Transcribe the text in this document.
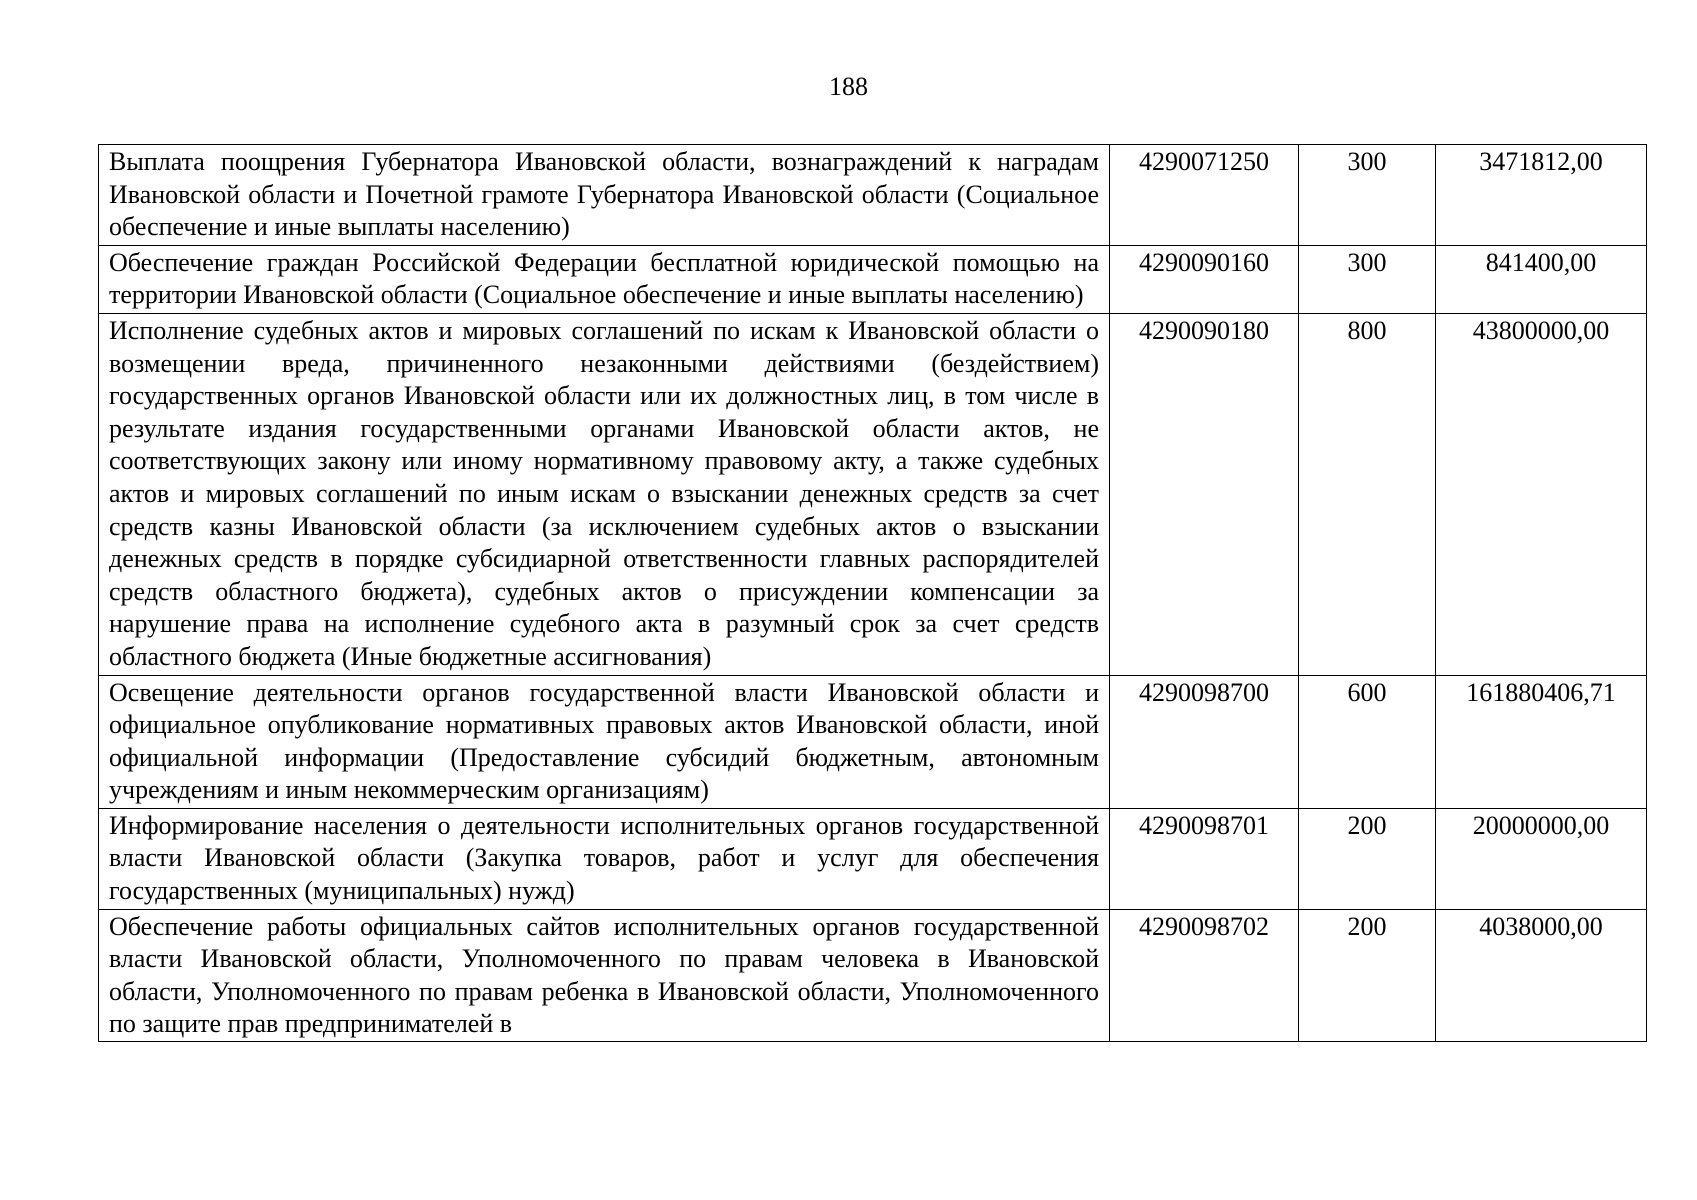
188
Выплата поощрения Губернатора Ивановской области, вознаграждений к наградам Ивановской области и Почетной грамоте Губернатора Ивановской области (Социальное обеспечение и иные выплаты населению)	4290071250	300	3471812,00
Обеспечение граждан Российской Федерации бесплатной юридической помощью на территории Ивановской области (Социальное обеспечение и иные выплаты населению)	4290090160	300	841400,00
Исполнение судебных актов и мировых соглашений по искам к Ивановской области о возмещении вреда, причиненного незаконными действиями (бездействием) государственных органов Ивановской области или их должностных лиц, в том числе в результате издания государственными органами Ивановской области актов, не соответствующих закону или иному нормативному правовому акту, а также судебных актов и мировых соглашений по иным искам о взыскании денежных средств за счет средств казны Ивановской области (за исключением судебных актов о взыскании денежных средств в порядке субсидиарной ответственности главных распорядителей средств областного бюджета), судебных актов о присуждении компенсации за нарушение права на исполнение судебного акта в разумный срок за счет средств областного бюджета (Иные бюджетные ассигнования)	4290090180	800	43800000,00
Освещение деятельности органов государственной власти Ивановской области и официальное опубликование нормативных правовых актов Ивановской области, иной официальной информации (Предоставление субсидий бюджетным, автономным учреждениям и иным некоммерческим организациям)	4290098700	600	161880406,71
Информирование населения о деятельности исполнительных органов государственной власти Ивановской области (Закупка товаров, работ и услуг для обеспечения государственных (муниципальных) нужд)	4290098701	200	20000000,00
Обеспечение работы официальных сайтов исполнительных органов государственной власти Ивановской области, Уполномоченного по правам человека в Ивановской области, Уполномоченного по правам ребенка в Ивановской области, Уполномоченного по защите прав предпринимателей в	4290098702	200	4038000,00
